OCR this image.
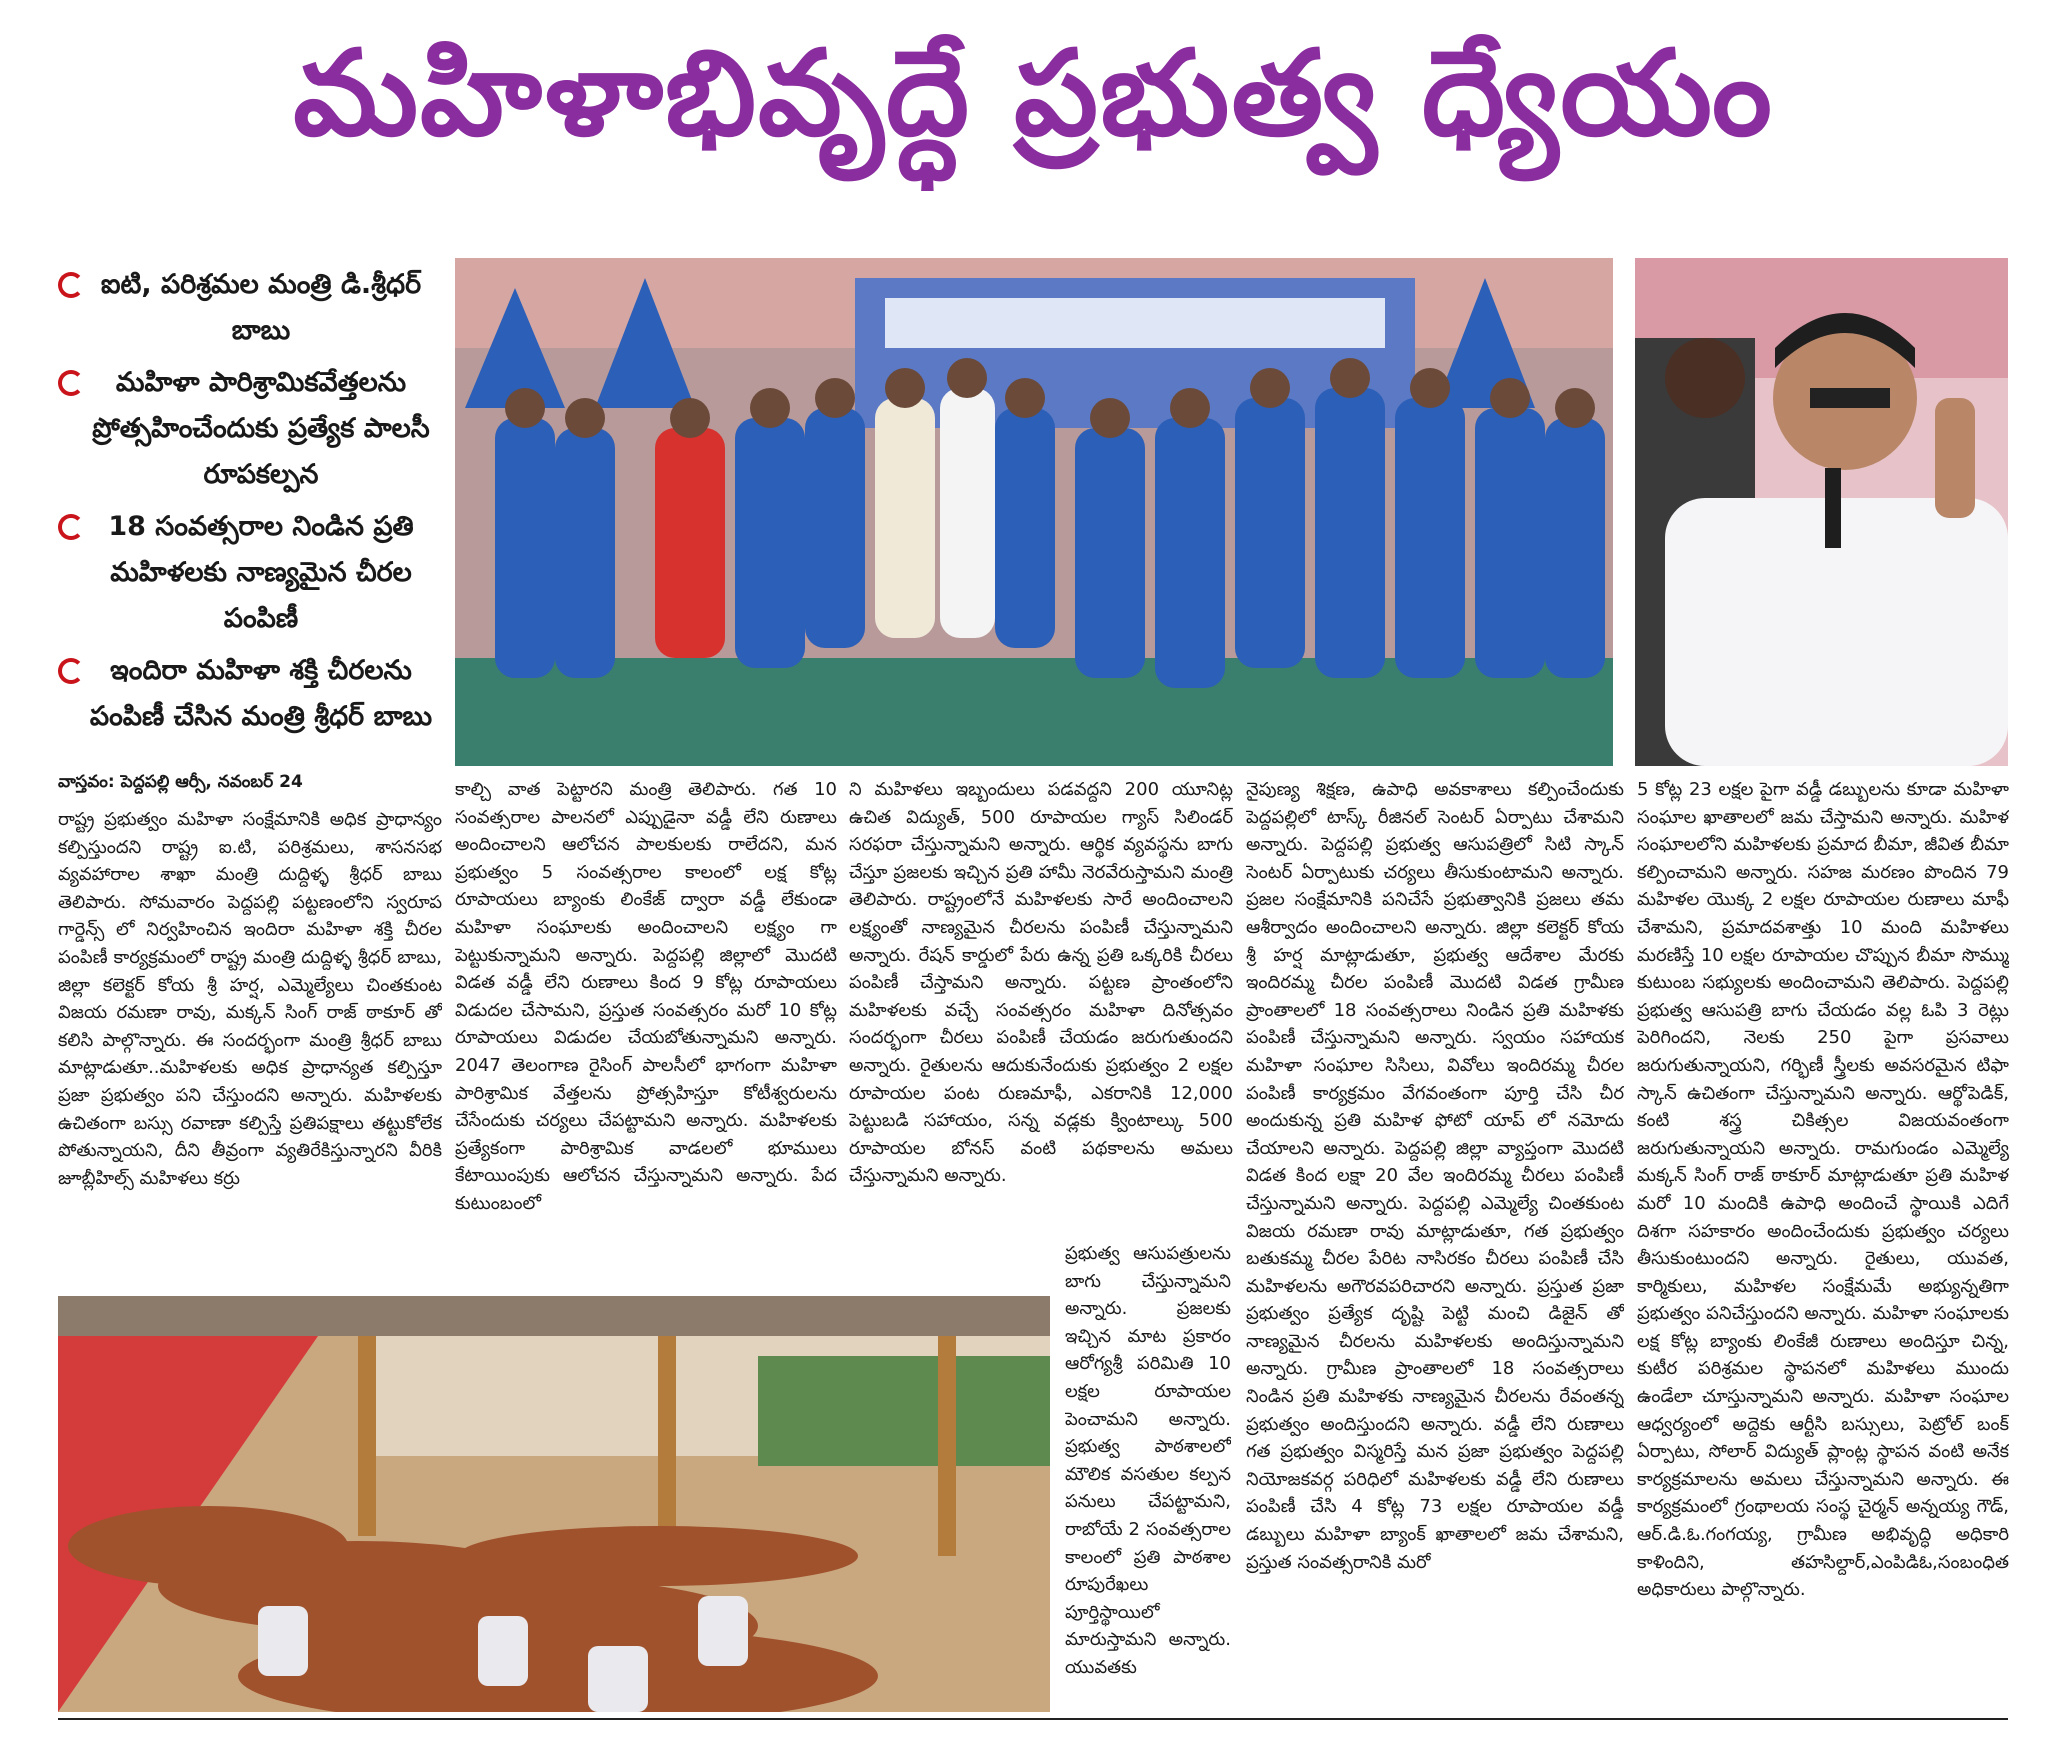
మహిళాభివృద్ధే ప్రభుత్వ ధ్యేయం
ఐటి, పరిశ్రమల మంత్రి డి.శ్రీధర్ బాబు
మహిళా పారిశ్రామికవేత్తలను ప్రోత్సహించేందుకు ప్రత్యేక పాలసీ రూపకల్పన
18 సంవత్సరాల నిండిన ప్రతి మహిళలకు నాణ్యమైన చీరల పంపిణీ
ఇందిరా మహిళా శక్తి చీరలను పంపిణీ చేసిన మంత్రి శ్రీధర్ బాబు
వాస్తవం: పెద్దపల్లి ఆర్సీ, నవంబర్ 24
రాష్ట్ర ప్రభుత్వం మహిళా సంక్షేమానికి అధిక ప్రాధాన్యం కల్పిస్తుందని రాష్ట్ర ఐ.టి, పరిశ్రమలు, శాసనసభ వ్యవహారాల శాఖా మంత్రి దుద్దిళ్ళ శ్రీధర్ బాబు తెలిపారు. సోమవారం పెద్దపల్లి పట్టణంలోని స్వరూప గార్డెన్స్ లో నిర్వహించిన ఇందిరా మహిళా శక్తి చీరల పంపిణీ కార్యక్రమంలో రాష్ట్ర మంత్రి దుద్దిళ్ళ శ్రీధర్ బాబు, జిల్లా కలెక్టర్ కోయ శ్రీ హర్ష, ఎమ్మెల్యేలు చింతకుంట విజయ రమణా రావు, మక్కన్ సింగ్ రాజ్ ఠాకూర్ తో కలిసి పాల్గొన్నారు. ఈ సందర్భంగా మంత్రి శ్రీధర్ బాబు మాట్లాడుతూ..మహిళలకు అధిక ప్రాధాన్యత కల్పిస్తూ ప్రజా ప్రభుత్వం పని చేస్తుందని అన్నారు. మహిళలకు ఉచితంగా బస్సు రవాణా కల్పిస్తే ప్రతిపక్షాలు తట్టుకోలేక పోతున్నాయని, దీని తీవ్రంగా వ్యతిరేకిస్తున్నారని వీరికి జూబ్లీహిల్స్ మహిళలు కర్రు
కాల్చి వాత పెట్టారని మంత్రి తెలిపారు. గత 10 సంవత్సరాల పాలనలో ఎప్పుడైనా వడ్డీ లేని రుణాలు అందించాలని ఆలోచన పాలకులకు రాలేదని, మన ప్రభుత్వం 5 సంవత్సరాల కాలంలో లక్ష కోట్ల రూపాయలు బ్యాంకు లింకేజ్ ద్వారా వడ్డీ లేకుండా మహిళా సంఘాలకు అందించాలని లక్ష్యం గా పెట్టుకున్నామని అన్నారు. పెద్దపల్లి జిల్లాలో మొదటి విడత వడ్డీ లేని రుణాలు కింద 9 కోట్ల రూపాయలు విడుదల చేసామని, ప్రస్తుత సంవత్సరం మరో 10 కోట్ల రూపాయలు విడుదల చేయబోతున్నామని అన్నారు. 2047 తెలంగాణ రైసింగ్ పాలసీలో భాగంగా మహిళా పారిశ్రామిక వేత్తలను ప్రోత్సహిస్తూ కోటీశ్వరులను చేసేందుకు చర్యలు చేపట్టామని అన్నారు. మహిళలకు ప్రత్యేకంగా పారిశ్రామిక వాడలలో భూములు కేటాయింపుకు ఆలోచన చేస్తున్నామని అన్నారు. పేద కుటుంబంలో
ని మహిళలు ఇబ్బందులు పడవద్దని 200 యూనిట్ల ఉచిత విద్యుత్, 500 రూపాయల గ్యాస్ సిలిండర్ సరఫరా చేస్తున్నామని అన్నారు. ఆర్థిక వ్యవస్థను బాగు చేస్తూ ప్రజలకు ఇచ్చిన ప్రతి హామీ నెరవేరుస్తామని మంత్రి తెలిపారు. రాష్ట్రంలోనే మహిళలకు సారే అందించాలని లక్ష్యంతో నాణ్యమైన చీరలను పంపిణీ చేస్తున్నామని అన్నారు. రేషన్ కార్డులో పేరు ఉన్న ప్రతి ఒక్కరికి చీరలు పంపిణీ చేస్తామని అన్నారు. పట్టణ ప్రాంతంలోని మహిళలకు వచ్చే సంవత్సరం మహిళా దినోత్సవం సందర్భంగా చీరలు పంపిణీ చేయడం జరుగుతుందని అన్నారు. రైతులను ఆదుకునేందుకు ప్రభుత్వం 2 లక్షల రూపాయల పంట రుణమాఫీ, ఎకరానికి 12,000 పెట్టుబడి సహాయం, సన్న వడ్లకు క్వింటాల్కు 500 రూపాయల బోనస్ వంటి పథకాలను అమలు చేస్తున్నామని అన్నారు.
ప్రభుత్వ ఆసుపత్రులను బాగు చేస్తున్నామని అన్నారు. ప్రజలకు ఇచ్చిన మాట ప్రకారం ఆరోగ్యశ్రీ పరిమితి 10 లక్షల రూపాయల పెంచామని అన్నారు. ప్రభుత్వ పాఠశాలలో మౌలిక వసతుల కల్పన పనులు చేపట్టామని, రాబోయే 2 సంవత్సరాల కాలంలో ప్రతి పాఠశాల రూపురేఖలు పూర్తిస్థాయిలో మారుస్తామని అన్నారు. యువతకు
నైపుణ్య శిక్షణ, ఉపాధి అవకాశాలు కల్పించేందుకు పెద్దపల్లిలో టాస్క్ రీజినల్ సెంటర్ ఏర్పాటు చేశామని అన్నారు. పెద్దపల్లి ప్రభుత్వ ఆసుపత్రిలో సిటి స్కాన్ సెంటర్ ఏర్పాటుకు చర్యలు తీసుకుంటామని అన్నారు. ప్రజల సంక్షేమానికి పనిచేసే ప్రభుత్వానికి ప్రజలు తమ ఆశీర్వాదం అందించాలని అన్నారు. జిల్లా కలెక్టర్ కోయ శ్రీ హర్ష మాట్లాడుతూ, ప్రభుత్వ ఆదేశాల మేరకు ఇందిరమ్మ చీరల పంపిణీ మొదటి విడత గ్రామీణ ప్రాంతాలలో 18 సంవత్సరాలు నిండిన ప్రతి మహిళకు పంపిణీ చేస్తున్నామని అన్నారు. స్వయం సహాయక మహిళా సంఘాల సిసిలు, వివోలు ఇందిరమ్మ చీరల పంపిణీ కార్యక్రమం వేగవంతంగా పూర్తి చేసి చీర అందుకున్న ప్రతి మహిళ ఫోటో యాప్ లో నమోదు చేయాలని అన్నారు. పెద్దపల్లి జిల్లా వ్యాప్తంగా మొదటి విడత కింద లక్షా 20 వేల ఇందిరమ్మ చీరలు పంపిణీ చేస్తున్నామని అన్నారు. పెద్దపల్లి ఎమ్మెల్యే చింతకుంట విజయ రమణా రావు మాట్లాడుతూ, గత ప్రభుత్వం బతుకమ్మ చీరల పేరిట నాసిరకం చీరలు పంపిణీ చేసి మహిళలను అగౌరవపరిచారని అన్నారు. ప్రస్తుత ప్రజా ప్రభుత్వం ప్రత్యేక దృష్టి పెట్టి మంచి డిజైన్ తో నాణ్యమైన చీరలను మహిళలకు అందిస్తున్నామని అన్నారు. గ్రామీణ ప్రాంతాలలో 18 సంవత్సరాలు నిండిన ప్రతి మహిళకు నాణ్యమైన చీరలను రేవంతన్న ప్రభుత్వం అందిస్తుందని అన్నారు. వడ్డీ లేని రుణాలు గత ప్రభుత్వం విస్మరిస్తే మన ప్రజా ప్రభుత్వం పెద్దపల్లి నియోజకవర్గ పరిధిలో మహిళలకు వడ్డీ లేని రుణాలు పంపిణీ చేసి 4 కోట్ల 73 లక్షల రూపాయల వడ్డీ డబ్బులు మహిళా బ్యాంక్ ఖాతాలలో జమ చేశామని, ప్రస్తుత సంవత్సరానికి మరో
5 కోట్ల 23 లక్షల పైగా వడ్డీ డబ్బులను కూడా మహిళా సంఘాల ఖాతాలలో జమ చేస్తామని అన్నారు. మహిళ సంఘాలలోని మహిళలకు ప్రమాద బీమా, జీవిత బీమా కల్పించామని అన్నారు. సహజ మరణం పొందిన 79 మహిళల యొక్క 2 లక్షల రూపాయల రుణాలు మాఫీ చేశామని, ప్రమాదవశాత్తు 10 మంది మహిళలు మరణిస్తే 10 లక్షల రూపాయల చొప్పున బీమా సొమ్ము కుటుంబ సభ్యులకు అందించామని తెలిపారు. పెద్దపల్లి ప్రభుత్వ ఆసుపత్రి బాగు చేయడం వల్ల ఓపి 3 రెట్లు పెరిగిందని, నెలకు 250 పైగా ప్రసవాలు జరుగుతున్నాయని, గర్భిణీ స్త్రీలకు అవసరమైన టిఫా స్కాన్ ఉచితంగా చేస్తున్నామని అన్నారు. ఆర్థోపెడిక్, కంటి శస్త్ర చికిత్సల విజయవంతంగా జరుగుతున్నాయని అన్నారు. రామగుండం ఎమ్మెల్యే మక్కన్ సింగ్ రాజ్ ఠాకూర్ మాట్లాడుతూ ప్రతి మహిళ మరో 10 మందికి ఉపాధి అందించే స్థాయికి ఎదిగే దిశగా సహకారం అందించేందుకు ప్రభుత్వం చర్యలు తీసుకుంటుందని అన్నారు. రైతులు, యువత, కార్మికులు, మహిళల సంక్షేమమే అభ్యున్నతిగా ప్రభుత్వం పనిచేస్తుందని అన్నారు. మహిళా సంఘాలకు లక్ష కోట్ల బ్యాంకు లింకేజీ రుణాలు అందిస్తూ చిన్న, కుటీర పరిశ్రమల స్థాపనలో మహిళలు ముందు ఉండేలా చూస్తున్నామని అన్నారు. మహిళా సంఘాల ఆధ్వర్యంలో అద్దెకు ఆర్టీసి బస్సులు, పెట్రోల్ బంక్ ఏర్పాటు, సోలార్ విద్యుత్ ప్లాంట్ల స్థాపన వంటి అనేక కార్యక్రమాలను అమలు చేస్తున్నామని అన్నారు. ఈ కార్యక్రమంలో గ్రంథాలయ సంస్థ చైర్మన్ అన్నయ్య గౌడ్, ఆర్.డి.ఓ.గంగయ్య, గ్రామీణ అభివృద్ధి అధికారి కాళిందిని, తహసిల్దార్,ఎంపిడిఓ,సంబంధిత అధికారులు పాల్గొన్నారు.
